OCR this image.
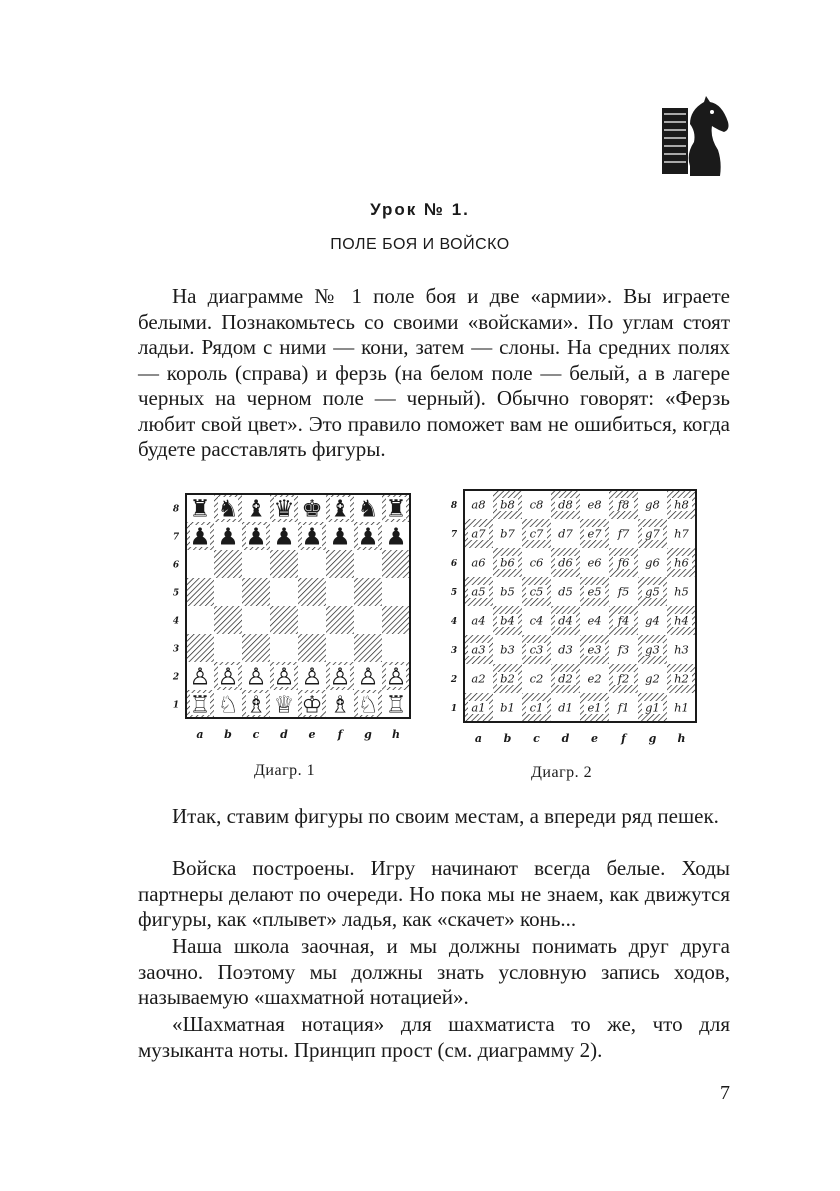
Урок № 1.
ПОЛЕ БОЯ И ВОЙСКО

На диаграмме № 1 поле боя и две «армии». Вы играете белыми. Познакомьтесь со своими «войсками». По углам стоят ладьи. Рядом с ними — кони, затем — слоны. На средних полях — король (справа) и ферзь (на белом поле — белый, а в лагере черных на черном поле — черный). Обычно говорят: «Ферзь любит свой цвет». Это правило поможет вам не ошибиться, когда будете расставлять фигуры.

♜ ♞ ♝ ♛ ♚ ♝ ♞ ♜
♟ ♟ ♟ ♟ ♟ ♟ ♟ ♟
♙ ♙ ♙ ♙ ♙ ♙ ♙ ♙
♖ ♘ ♗ ♕ ♔ ♗ ♘ ♖
8
7
6
5
4
3
2
1
a b c d e f g h
a8 b8 c8 d8 e8 f8 g8 h8
a7 b7 c7 d7 e7 f7 g7 h7
a6 b6 c6 d6 e6 f6 g6 h6
a5 b5 c5 d5 e5 f5 g5 h5
a4 b4 c4 d4 e4 f4 g4 h4
a3 b3 c3 d3 e3 f3 g3 h3
a2 b2 c2 d2 e2 f2 g2 h2
a1 b1 c1 d1 e1 f1 g1 h1
8
7
6
5
4
3
2
1
a b c d e f g h
Диагр. 1	Диагр. 2

Итак, ставим фигуры по своим местам, а впереди ряд пешек.

Войска построены. Игру начинают всегда белые. Ходы партнеры делают по очереди. Но пока мы не знаем, как движутся фигуры, как «плывет» ладья, как «скачет» конь...

Наша школа заочная, и мы должны понимать друг друга заочно. Поэтому мы должны знать условную запись ходов, называемую «шахматной нотацией».

«Шахматная нотация» для шахматиста то же, что для музыканта ноты. Принцип прост (см. диаграмму 2).

7
